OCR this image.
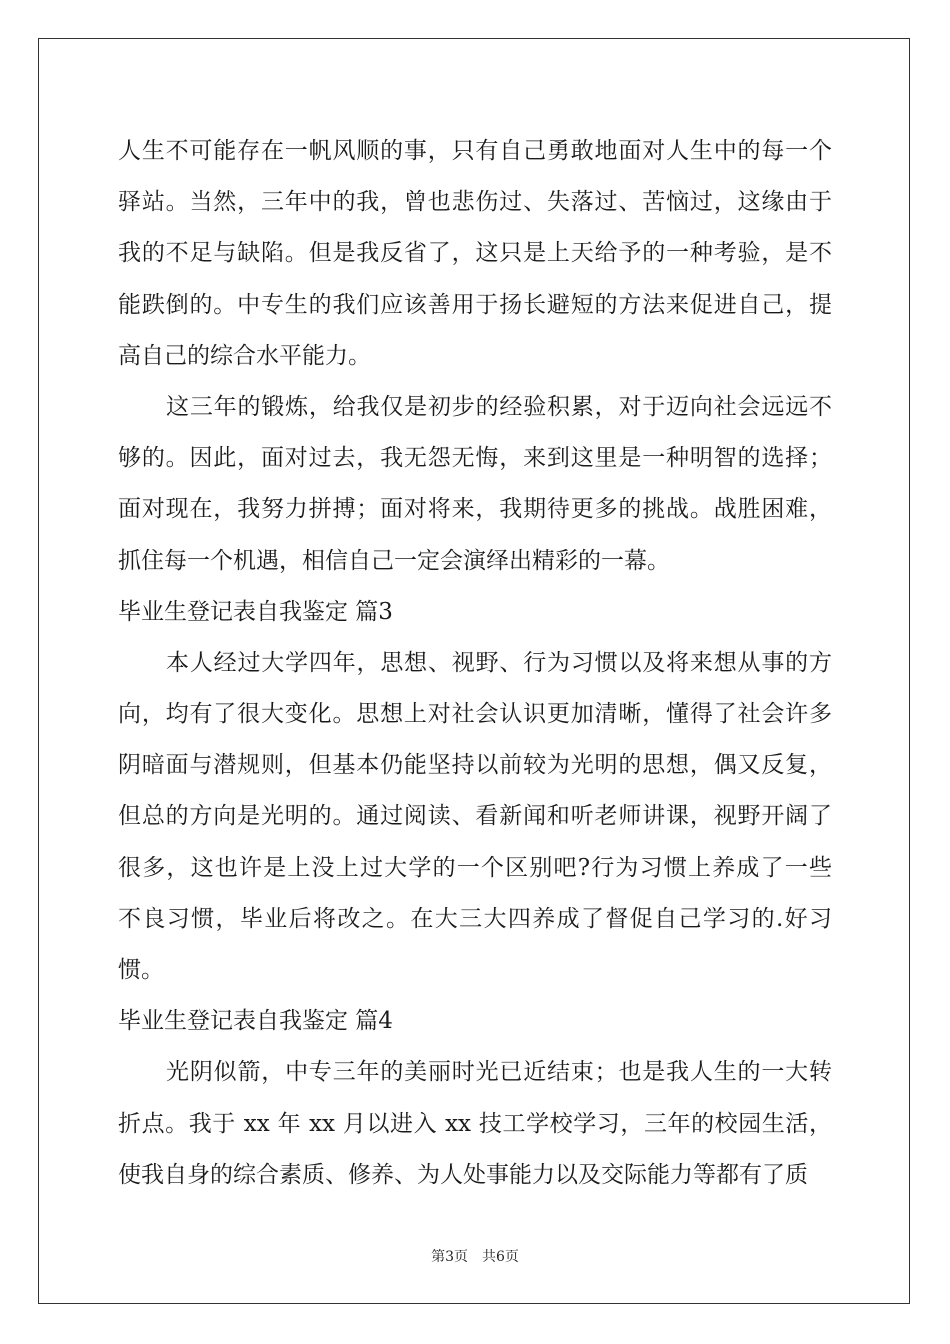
人生不可能存在一帆风顺的事，只有自己勇敢地面对人生中的每一个
驿站。当然，三年中的我，曾也悲伤过、失落过、苦恼过，这缘由于
我的不足与缺陷。但是我反省了，这只是上天给予的一种考验，是不
能跌倒的。中专生的我们应该善用于扬长避短的方法来促进自己，提
高自己的综合水平能力。
这三年的锻炼，给我仅是初步的经验积累，对于迈向社会远远不
够的。因此，面对过去，我无怨无悔，来到这里是一种明智的选择；
面对现在，我努力拼搏；面对将来，我期待更多的挑战。战胜困难，
抓住每一个机遇，相信自己一定会演绎出精彩的一幕。
毕业生登记表自我鉴定 篇3
本人经过大学四年，思想、视野、行为习惯以及将来想从事的方
向，均有了很大变化。思想上对社会认识更加清晰，懂得了社会许多
阴暗面与潜规则，但基本仍能坚持以前较为光明的思想，偶又反复，
但总的方向是光明的。通过阅读、看新闻和听老师讲课，视野开阔了
很多，这也许是上没上过大学的一个区别吧?行为习惯上养成了一些
不良习惯，毕业后将改之。在大三大四养成了督促自己学习的.好习
惯。
毕业生登记表自我鉴定 篇4
光阴似箭，中专三年的美丽时光已近结束；也是我人生的一大转
折点。我于 xx 年 xx 月以进入 xx 技工学校学习，三年的校园生活，
使我自身的综合素质、修养、为人处事能力以及交际能力等都有了质
第3页 共6页
